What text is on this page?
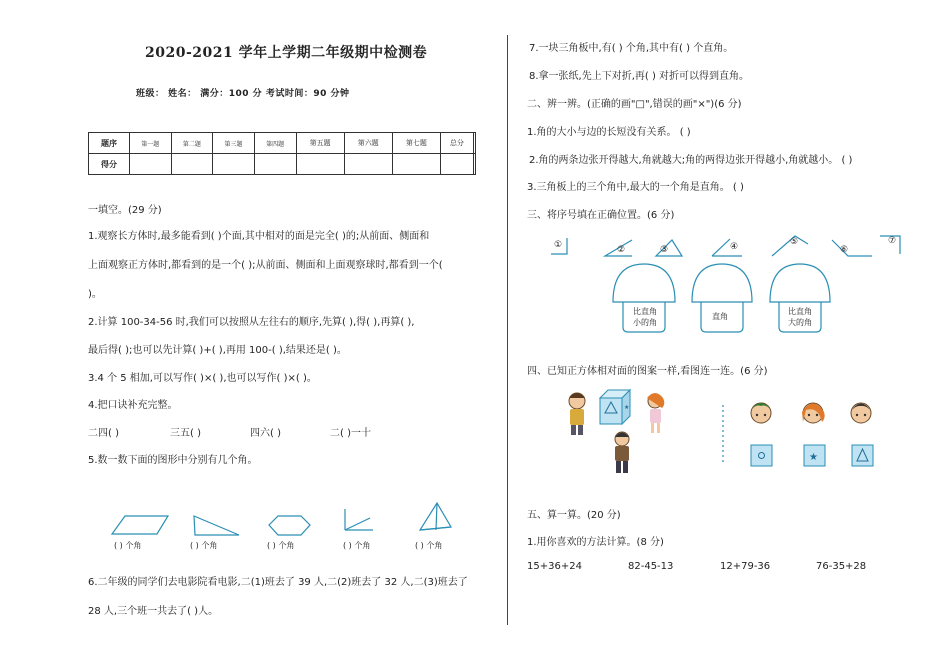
2020-2021 学年上学期二年级期中检测卷
班级： 姓名： 满分：100 分 考试时间：90 分钟
题序	第一题	第二题	第三题	第四题	第五题	第六题	第七题	总分	
得分									
一填空。(29 分)
1.观察长方体时,最多能看到( )个面,其中相对的面是完全( )的;从前面、侧面和
上面观察正方体时,都看到的是一个( );从前面、侧面和上面观察球时,都看到一个(
)。
2.计算 100-34-56 时,我们可以按照从左往右的顺序,先算( ),得( ),再算( ),
最后得( );也可以先计算( )+( ),再用 100-( ),结果还是( )。
3.4 个 5 相加,可以写作( )×( ),也可以写作( )×( )。
4.把口诀补充完整。
二四( )	三五( )	四六( )	二( )一十
5.数一数下面的图形中分别有几个角。
( ) 个角	( ) 个角	( ) 个角	( ) 个角	( ) 个角
6.二年级的同学们去电影院看电影,二(1)班去了 39 人,二(2)班去了 32 人,二(3)班去了
28 人,三个班一共去了( )人。
7.一块三角板中,有( ) 个角,其中有( ) 个直角。
8.拿一张纸,先上下对折,再( ) 对折可以得到直角。
二、辨一辨。(正确的画"□",错误的画"×")(6 分)
1.角的大小与边的长短没有关系。 ( )
2.角的两条边张开得越大,角就越大;角的两得边张开得越小,角就越小。 ( )
3.三角板上的三个角中,最大的一个角是直角。 ( )
三、将序号填在正确位置。(6 分)
①	②	③	④	⑤
⑥
⑦
比直角
小的角
直角
比直角
大的角
四、已知正方体相对面的图案一样,看图连一连。(6 分)
★
★
五、算一算。(20 分)
1.用你喜欢的方法计算。(8 分)
15+36+24	82-45-13	12+79-36	76-35+28
